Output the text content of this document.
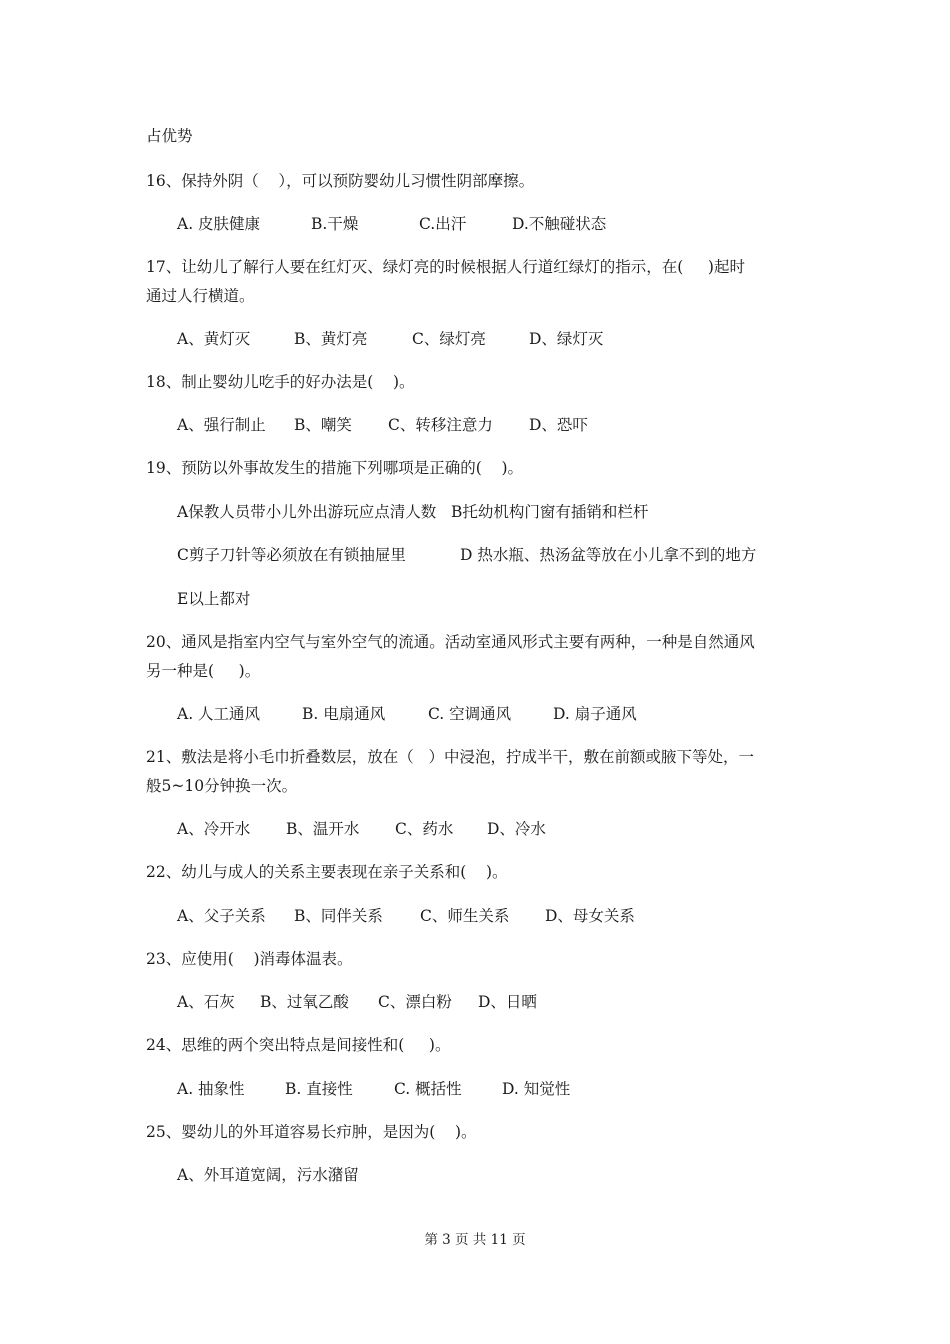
占优势
16、保持外阴（    ），可以预防婴幼儿习惯性阴部摩擦。
A. 皮肤健康	B.干燥	C.出汗	D.不触碰状态
17、让幼儿了解行人要在红灯灭、绿灯亮的时候根据人行道红绿灯的指示，在(     )起时
通过人行横道。
A、黄灯灭	B、黄灯亮	C、绿灯亮	D、绿灯灭
18、制止婴幼儿吃手的好办法是(    )。
A、强行制止 B、嘲笑 C、转移注意力 D、恐吓
19、预防以外事故发生的措施下列哪项是正确的(    )。
A保教人员带小儿外出游玩应点清人数   B托幼机构门窗有插销和栏杆
C剪子刀针等必须放在有锁抽屉里           D 热水瓶、热汤盆等放在小儿拿不到的地方
E以上都对
20、通风是指室内空气与室外空气的流通。活动室通风形式主要有两种，一种是自然通风
另一种是(     )。
A. 人工通风	B. 电扇通风	C. 空调通风	D. 扇子通风
21、敷法是将小毛巾折叠数层，放在（   ）中浸泡，拧成半干，敷在前额或腋下等处，一
般5~10分钟换一次。
A、冷开水 B、温开水 C、药水 D、冷水
22、幼儿与成人的关系主要表现在亲子关系和(    )。
A、父子关系 B、同伴关系 C、师生关系 D、母女关系
23、应使用(    )消毒体温表。
A、石灰 B、过氧乙酸 C、漂白粉 D、日晒
24、思维的两个突出特点是间接性和(     )。
A. 抽象性	B. 直接性	C. 概括性	D. 知觉性
25、婴幼儿的外耳道容易长疖肿，是因为(    )。
A、外耳道宽阔，污水潴留
第 3 页 共 11 页
